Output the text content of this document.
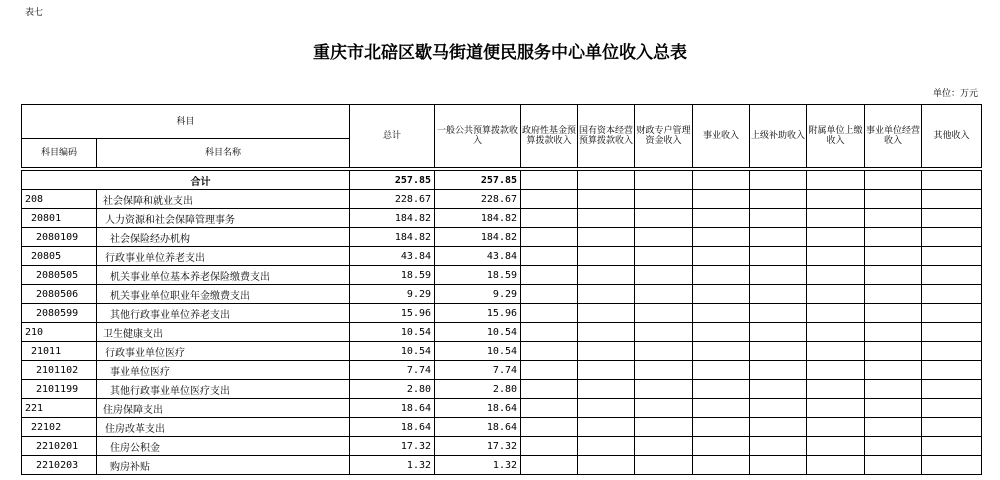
表七
重庆市北碚区歇马街道便民服务中心单位收入总表
单位：万元
科目		总计	一般公共预算拨款收入	政府性基金预算拨款收入	国有资本经营预算拨款收入	财政专户管理资金收入	事业收入	上级补助收入	附属单位上缴收入	事业单位经营收入	其他收入
科目编码	科目名称										

合计		257.85	257.85								
208	社会保障和就业支出	228.67	228.67								
20801	人力资源和社会保障管理事务	184.82	184.82								
2080109	社会保险经办机构	184.82	184.82								
20805	行政事业单位养老支出	43.84	43.84								
2080505	机关事业单位基本养老保险缴费支出	18.59	18.59								
2080506	机关事业单位职业年金缴费支出	9.29	9.29								
2080599	其他行政事业单位养老支出	15.96	15.96								
210	卫生健康支出	10.54	10.54								
21011	行政事业单位医疗	10.54	10.54								
2101102	事业单位医疗	7.74	7.74								
2101199	其他行政事业单位医疗支出	2.80	2.80								
221	住房保障支出	18.64	18.64								
22102	住房改革支出	18.64	18.64								
2210201	住房公积金	17.32	17.32								
2210203	购房补贴	1.32	1.32								
